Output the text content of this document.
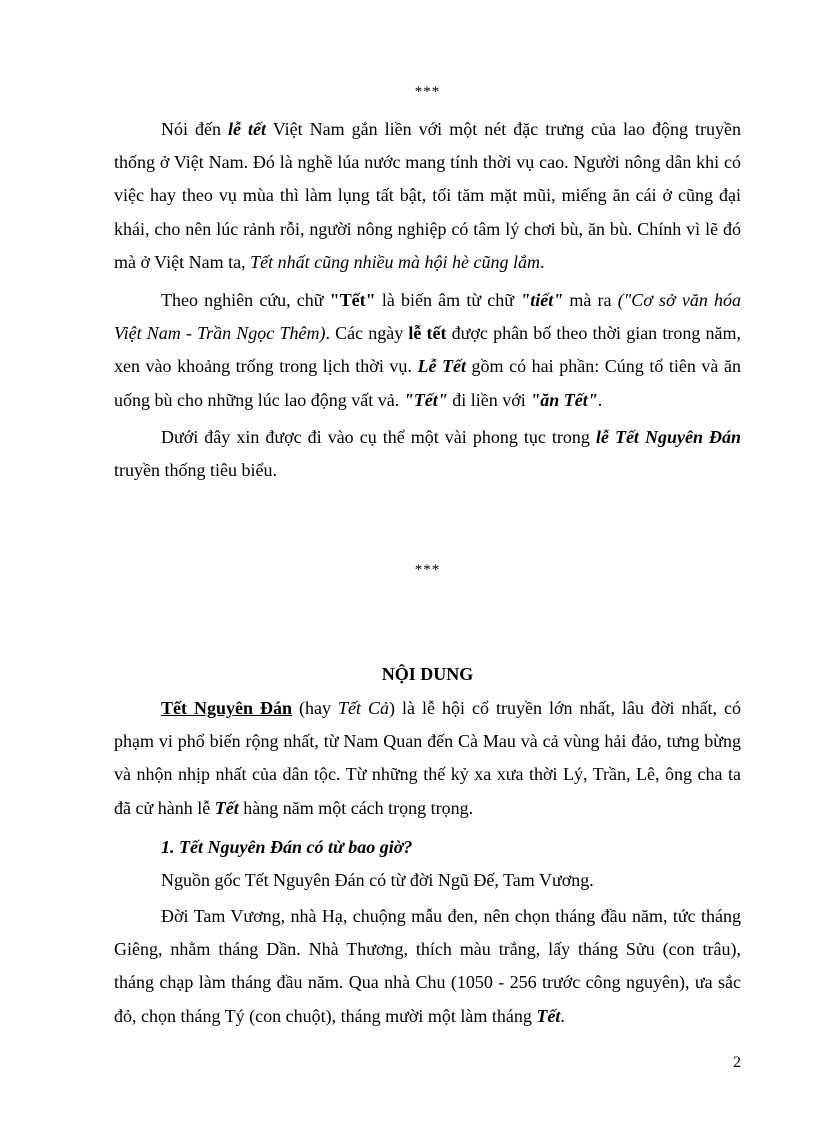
***

Nói đến lễ tết Việt Nam gắn liền với một nét đặc trưng của lao động truyền thống ở Việt Nam. Đó là nghề lúa nước mang tính thời vụ cao. Người nông dân khi có việc hay theo vụ mùa thì làm lụng tất bật, tối tăm mặt mũi, miếng ăn cái ở cũng đại khái, cho nên lúc rảnh rỗi, người nông nghiệp có tâm lý chơi bù, ăn bù. Chính vì lẽ đó mà ở Việt Nam ta, Tết nhất cũng nhiều mà hội hè cũng lắm.

Theo nghiên cứu, chữ "Tết" là biến âm từ chữ "tiết" mà ra ("Cơ sở văn hóa Việt Nam - Trần Ngọc Thêm). Các ngày lễ tết được phân bố theo thời gian trong năm, xen vào khoảng trống trong lịch thời vụ. Lễ Tết gồm có hai phần: Cúng tổ tiên và ăn uống bù cho những lúc lao động vất vả. "Tết" đi liền với "ăn Tết".

Dưới đây xin được đi vào cụ thể một vài phong tục trong lễ Tết Nguyên Đán truyền thống tiêu biểu.

***
NỘI DUNG

Tết Nguyên Đán (hay Tết Cả) là lễ hội cổ truyền lớn nhất, lâu đời nhất, có phạm vi phổ biến rộng nhất, từ Nam Quan đến Cà Mau và cả vùng hải đảo, tưng bừng và nhộn nhịp nhất của dân tộc. Từ những thế kỷ xa xưa thời Lý, Trần, Lê, ông cha ta đã cử hành lễ Tết hàng năm một cách trọng trọng.

1. Tết Nguyên Đán có từ bao giờ?

Nguồn gốc Tết Nguyên Đán có từ đời Ngũ Đế, Tam Vương.

Đời Tam Vương, nhà Hạ, chuộng mẫu đen, nên chọn tháng đầu năm, tức tháng Giêng, nhằm tháng Dần. Nhà Thương, thích màu trắng, lấy tháng Sửu (con trâu), tháng chạp làm tháng đầu năm. Qua nhà Chu (1050 - 256 trước công nguyên), ưa sắc đỏ, chọn tháng Tý (con chuột), tháng mười một làm tháng Tết.

2
